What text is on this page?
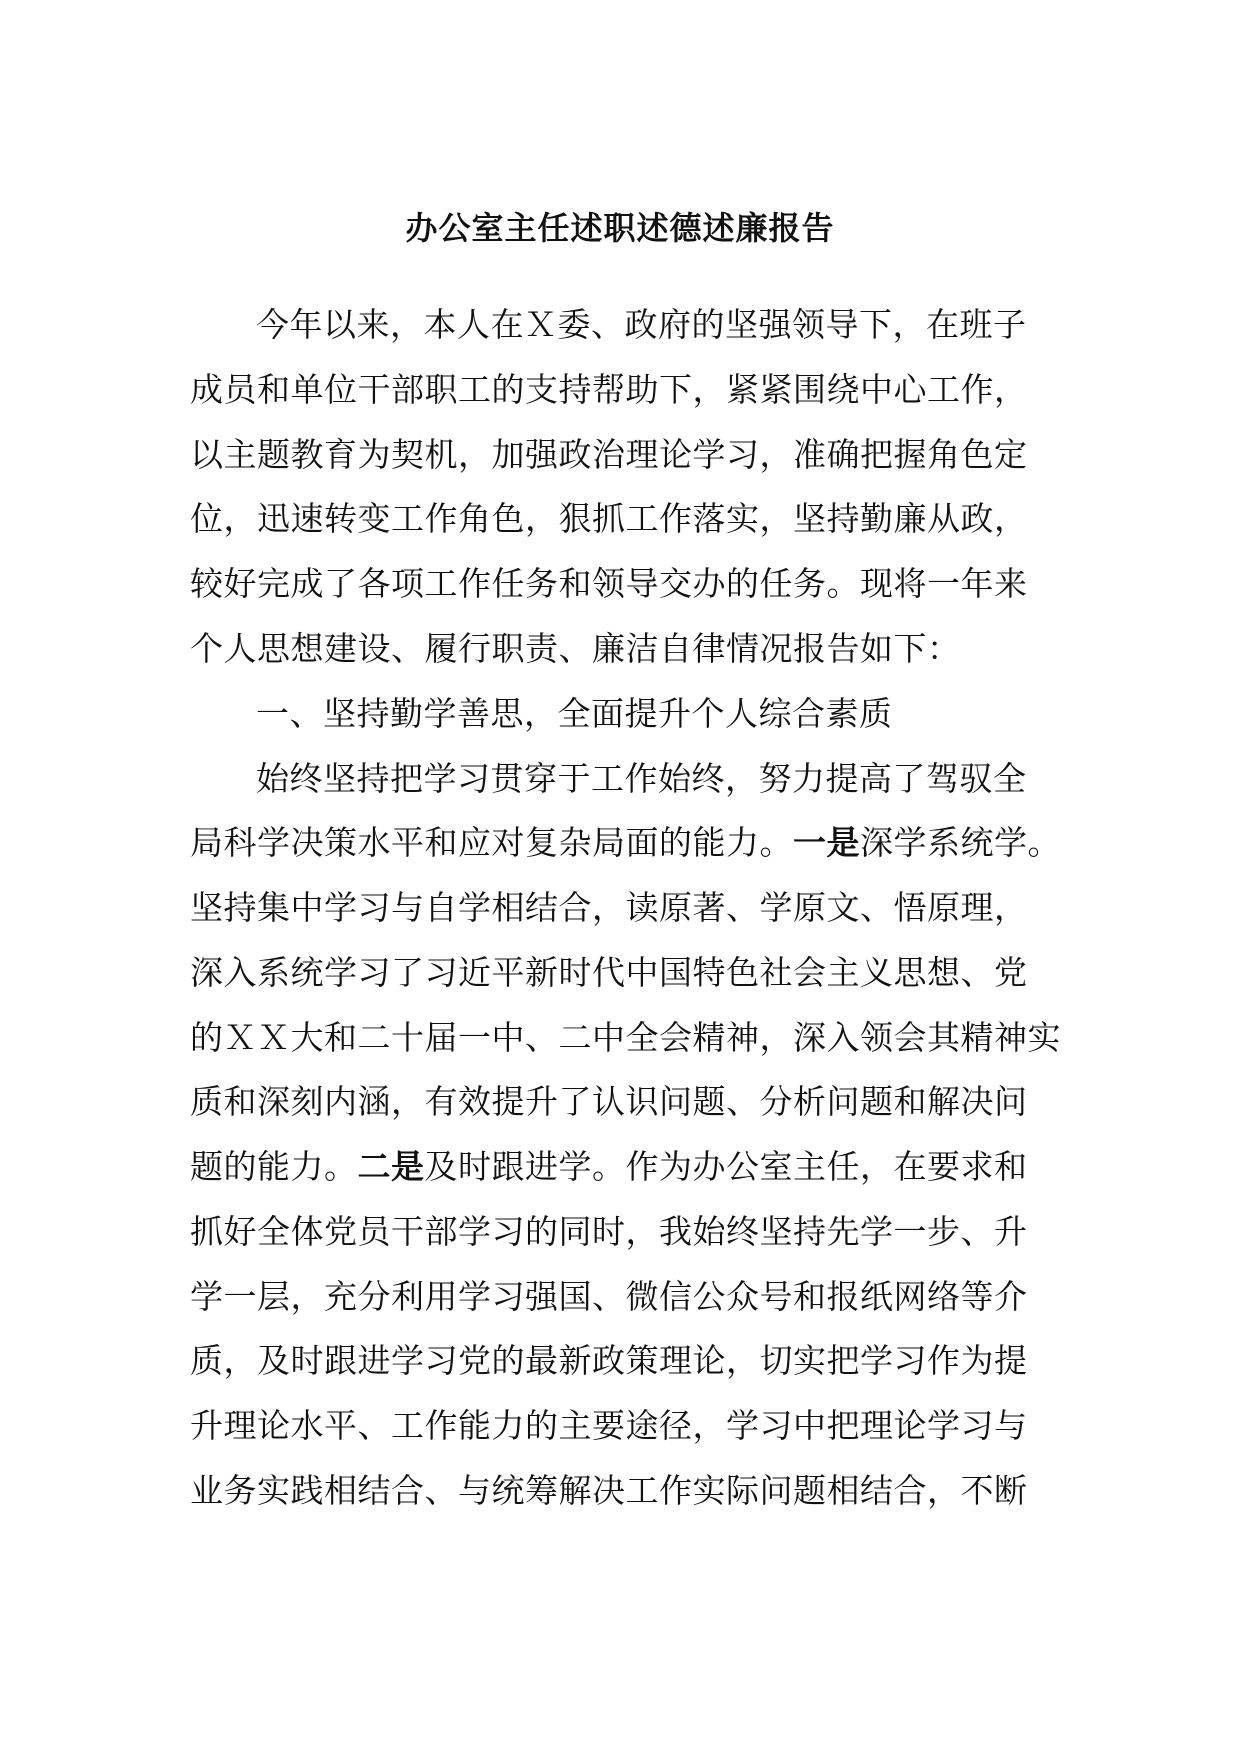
办公室主任述职述德述廉报告
今年以来，本人在Ｘ委、政府的坚强领导下，在班子
成员和单位干部职工的支持帮助下，紧紧围绕中心工作，
以主题教育为契机，加强政治理论学习，准确把握角色定
位，迅速转变工作角色，狠抓工作落实，坚持勤廉从政，
较好完成了各项工作任务和领导交办的任务。现将一年来
个人思想建设、履行职责、廉洁自律情况报告如下：
一、坚持勤学善思，全面提升个人综合素质
始终坚持把学习贯穿于工作始终，努力提高了驾驭全
局科学决策水平和应对复杂局面的能力。一是深学系统学。
坚持集中学习与自学相结合，读原著、学原文、悟原理，
深入系统学习了习近平新时代中国特色社会主义思想、党
的ＸＸ大和二十届一中、二中全会精神，深入领会其精神实
质和深刻内涵，有效提升了认识问题、分析问题和解决问
题的能力。二是及时跟进学。作为办公室主任，在要求和
抓好全体党员干部学习的同时，我始终坚持先学一步、升
学一层，充分利用学习强国、微信公众号和报纸网络等介
质，及时跟进学习党的最新政策理论，切实把学习作为提
升理论水平、工作能力的主要途径，学习中把理论学习与
业务实践相结合、与统筹解决工作实际问题相结合，不断
